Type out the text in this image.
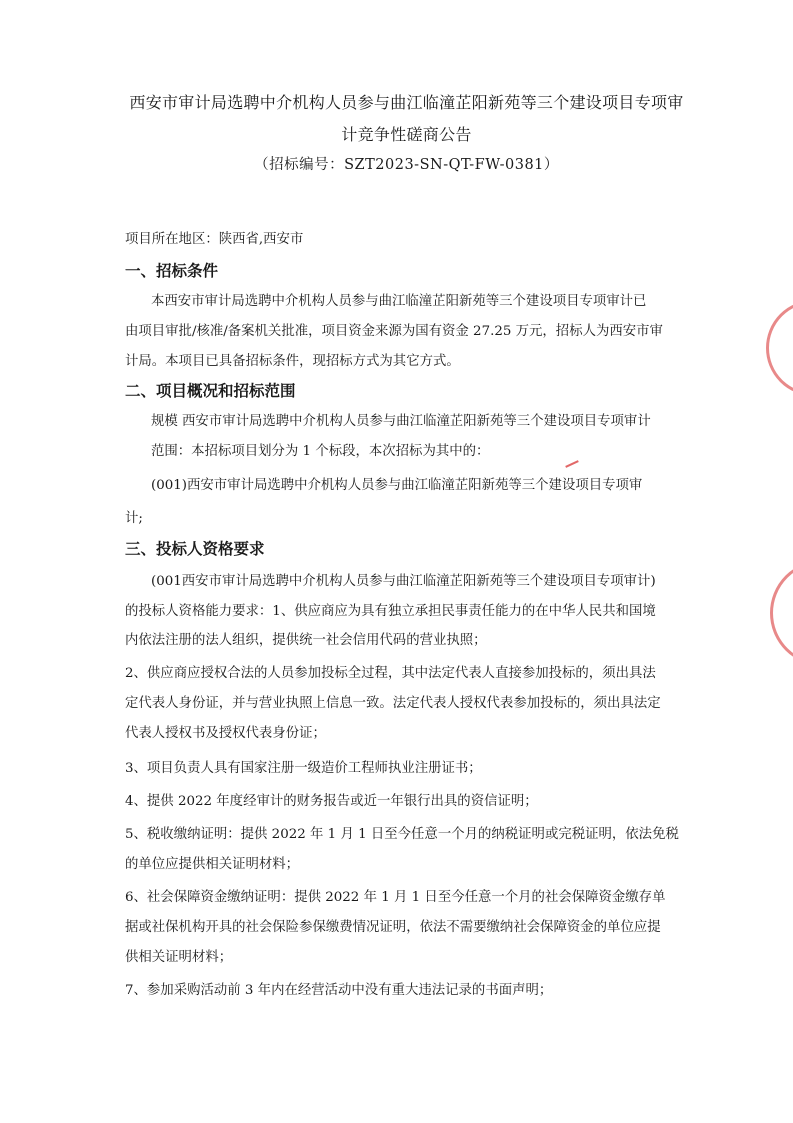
西安市审计局选聘中介机构人员参与曲江临潼芷阳新苑等三个建设项目专项审
计竞争性磋商公告
（招标编号：SZT2023-SN-QT-FW-0381）
项目所在地区：陕西省,西安市
一、招标条件
本西安市审计局选聘中介机构人员参与曲江临潼芷阳新苑等三个建设项目专项审计已
由项目审批/核准/备案机关批准，项目资金来源为国有资金 27.25 万元，招标人为西安市审
计局。本项目已具备招标条件，现招标方式为其它方式。
二、项目概况和招标范围
规模 西安市审计局选聘中介机构人员参与曲江临潼芷阳新苑等三个建设项目专项审计
范围：本招标项目划分为 1 个标段，本次招标为其中的：
(001)西安市审计局选聘中介机构人员参与曲江临潼芷阳新苑等三个建设项目专项审
计;
三、投标人资格要求
(001西安市审计局选聘中介机构人员参与曲江临潼芷阳新苑等三个建设项目专项审计)
的投标人资格能力要求：1、供应商应为具有独立承担民事责任能力的在中华人民共和国境
内依法注册的法人组织，提供统一社会信用代码的营业执照；
2、供应商应授权合法的人员参加投标全过程，其中法定代表人直接参加投标的，须出具法
定代表人身份证，并与营业执照上信息一致。法定代表人授权代表参加投标的，须出具法定
代表人授权书及授权代表身份证；
3、项目负责人具有国家注册一级造价工程师执业注册证书；
4、提供 2022 年度经审计的财务报告或近一年银行出具的资信证明；
5、税收缴纳证明：提供 2022 年 1 月 1 日至今任意一个月的纳税证明或完税证明，依法免税
的单位应提供相关证明材料；
6、社会保障资金缴纳证明：提供 2022 年 1 月 1 日至今任意一个月的社会保障资金缴存单
据或社保机构开具的社会保险参保缴费情况证明，依法不需要缴纳社会保障资金的单位应提
供相关证明材料；
7、参加采购活动前 3 年内在经营活动中没有重大违法记录的书面声明；
